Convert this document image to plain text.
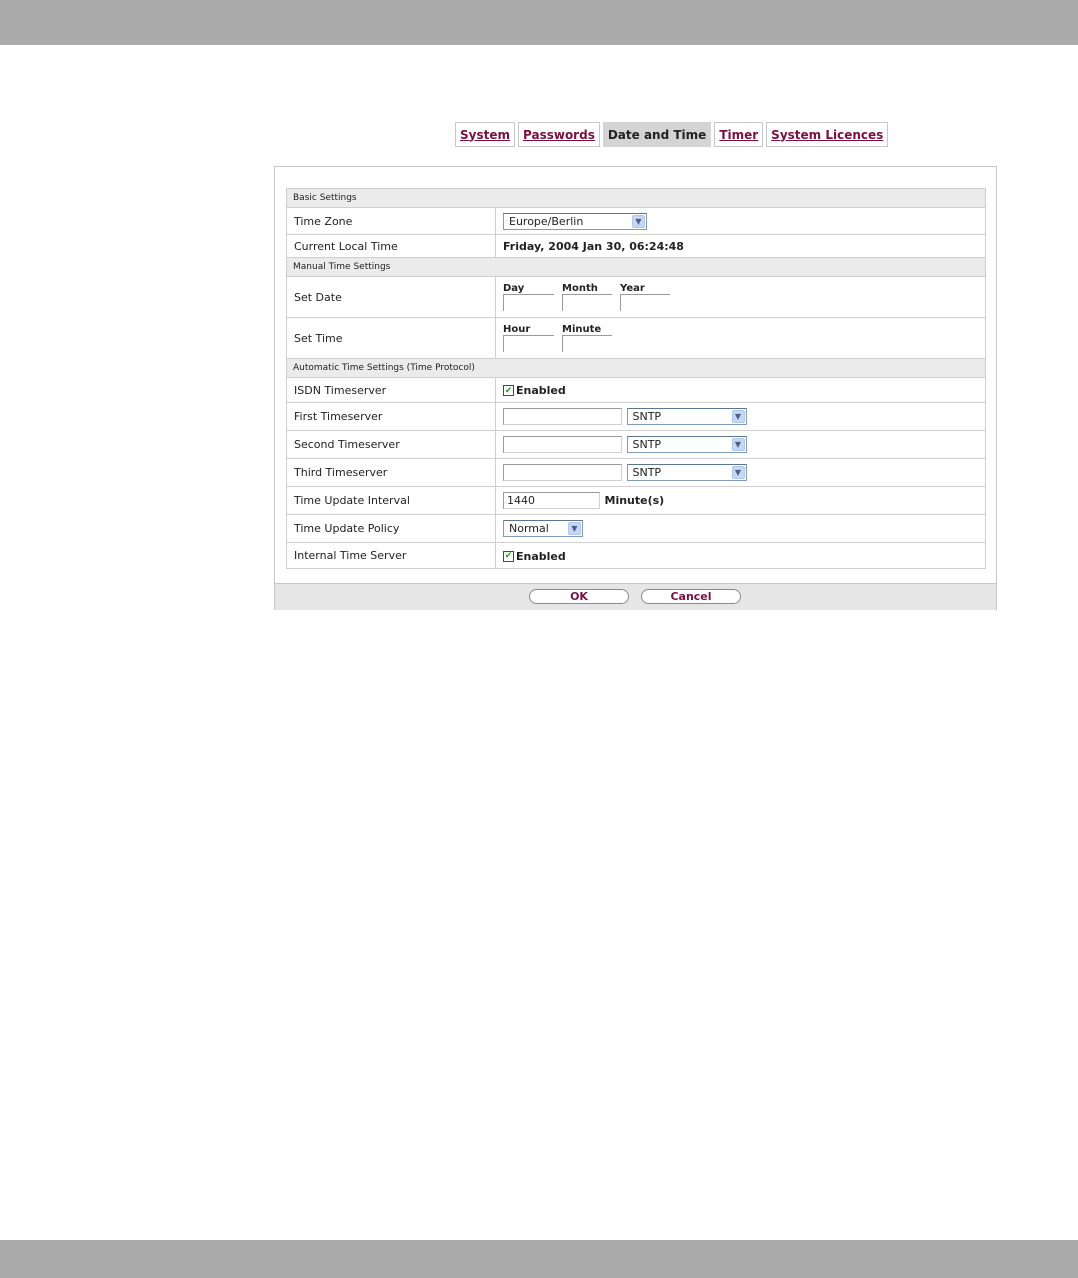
System Passwords Date and Time Timer System Licences
Basic Settings	
Time Zone	Europe/Berlin ▼

Current Local Time	Friday, 2004 Jan 30, 06:24:48
Manual Time Settings	
Set Date	Day Month Year

Set Time	Hour Minute

Automatic Time Settings (Time Protocol)	
ISDN Timeserver	✔ Enabled

First Timeserver	SNTP ▼

Second Timeserver	SNTP ▼

Third Timeserver	SNTP ▼

Time Update Interval	1440 Minute(s)
Time Update Policy	Normal ▼

Internal Time Server	✔ Enabled
OK	Cancel
